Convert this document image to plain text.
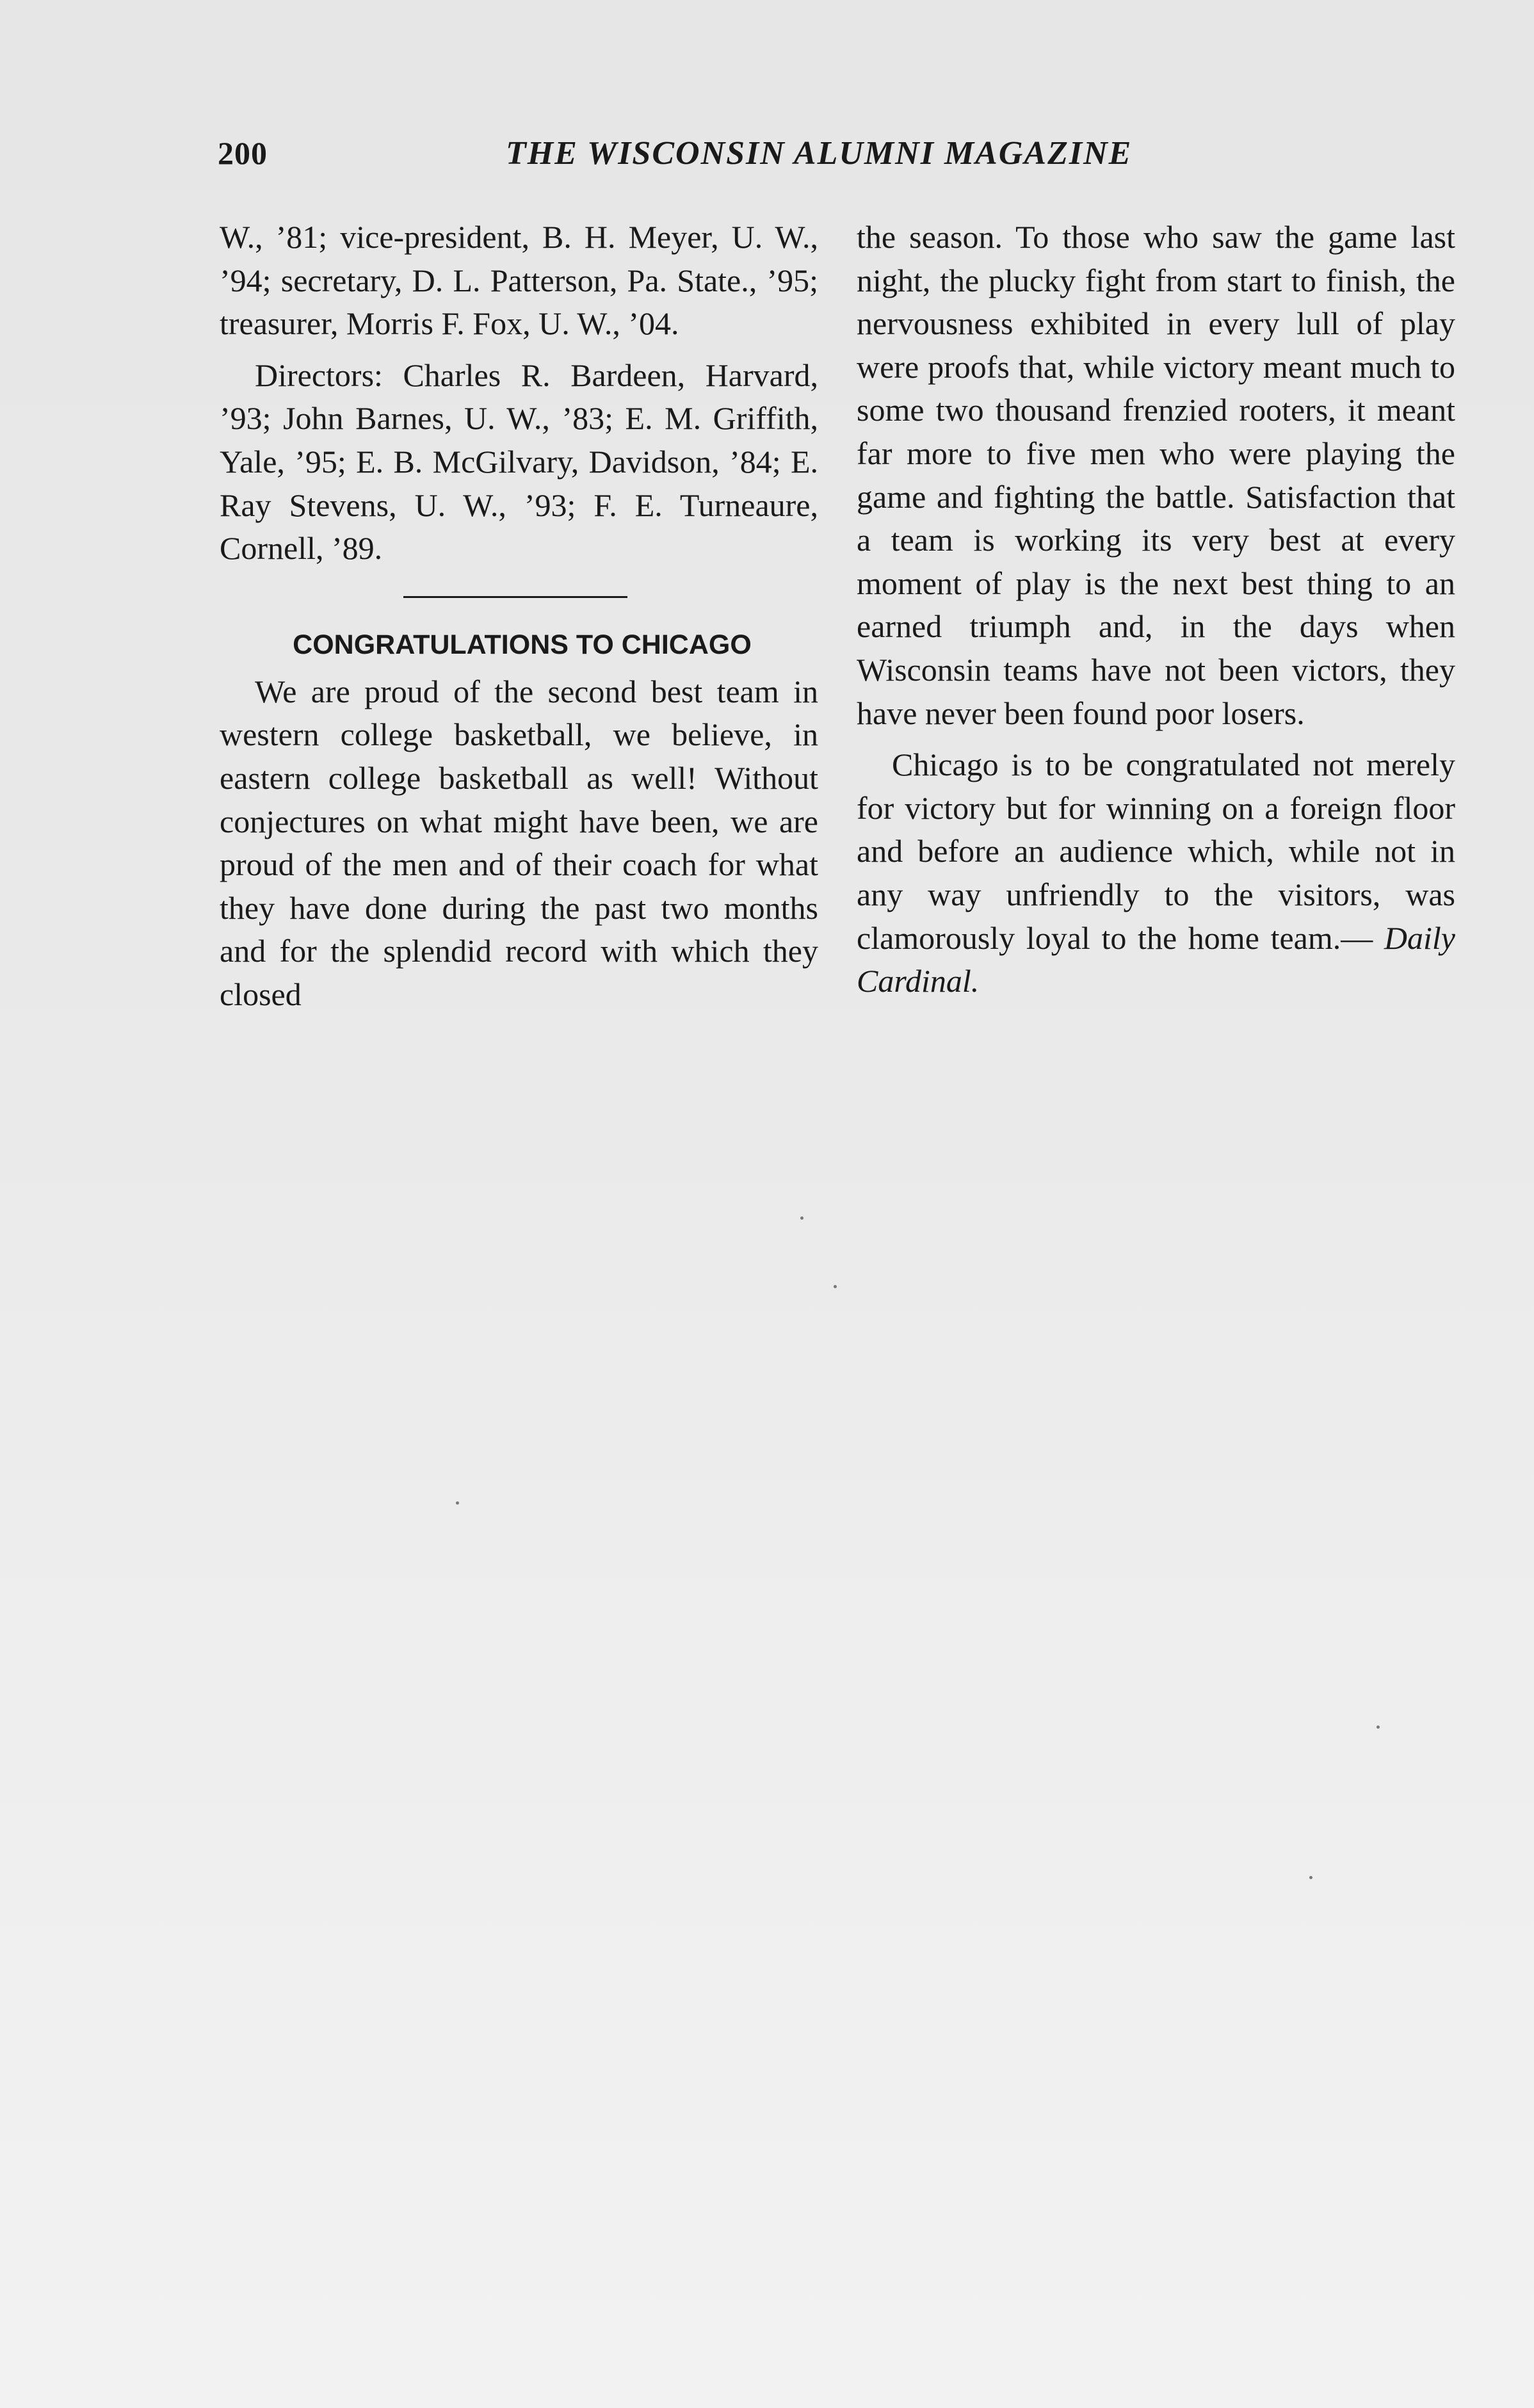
200	THE WISCONSIN ALUMNI MAGAZINE

W., ’81; vice-president, B. H. Meyer, U. W., ’94; secretary, D. L. Patterson, Pa. State., ’95; treasurer, Morris F. Fox, U. W., ’04.

Directors: Charles R. Bardeen, Harvard, ’93; John Barnes, U. W., ’83; E. M. Griffith, Yale, ’95; E. B. McGilvary, Davidson, ’84; E. Ray Stevens, U. W., ’93; F. E. Turneaure, Cornell, ’89.

CONGRATULATIONS TO CHICAGO

We are proud of the second best team in western college basketball, we believe, in eastern college basketball as well! Without conjectures on what might have been, we are proud of the men and of their coach for what they have done during the past two months and for the splendid record with which they closed

the season. To those who saw the game last night, the plucky fight from start to finish, the nervousness exhibited in every lull of play were proofs that, while victory meant much to some two thousand frenzied rooters, it meant far more to five men who were playing the game and fighting the battle. Satisfaction that a team is working its very best at every moment of play is the next best thing to an earned triumph and, in the days when Wisconsin teams have not been victors, they have never been found poor losers.

Chicago is to be congratulated not merely for victory but for winning on a foreign floor and before an audience which, while not in any way unfriendly to the visitors, was clamorously loyal to the home team.— Daily Cardinal.
